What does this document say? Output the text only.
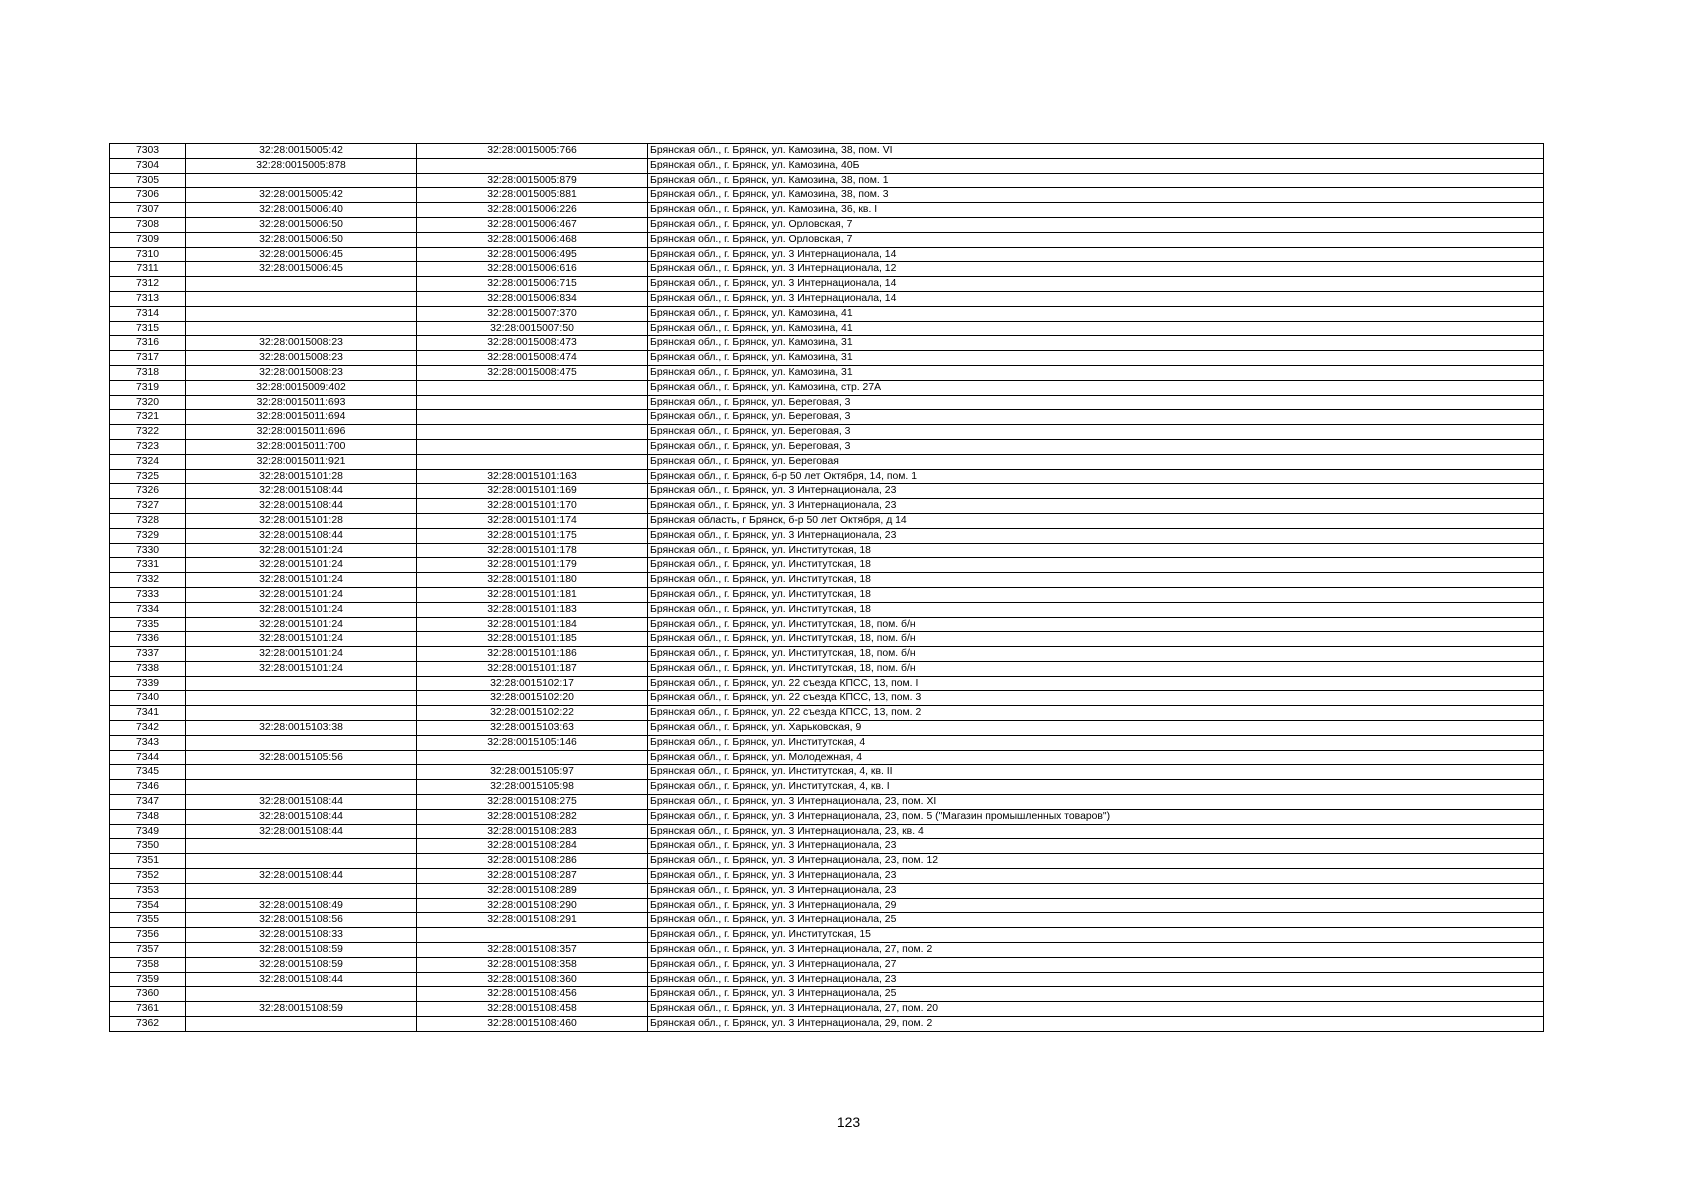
7303	32:28:0015005:42	32:28:0015005:766	Брянская обл., г. Брянск, ул. Камозина, 38, пом. VI
7304	32:28:0015005:878		Брянская обл., г. Брянск, ул. Камозина, 40Б
7305		32:28:0015005:879	Брянская обл., г. Брянск, ул. Камозина, 38, пом. 1
7306	32:28:0015005:42	32:28:0015005:881	Брянская обл., г. Брянск, ул. Камозина, 38, пом. 3
7307	32:28:0015006:40	32:28:0015006:226	Брянская обл., г. Брянск, ул. Камозина, 36, кв. I
7308	32:28:0015006:50	32:28:0015006:467	Брянская обл., г. Брянск, ул. Орловская, 7
7309	32:28:0015006:50	32:28:0015006:468	Брянская обл., г. Брянск, ул. Орловская, 7
7310	32:28:0015006:45	32:28:0015006:495	Брянская обл., г. Брянск, ул. 3 Интернационала, 14
7311	32:28:0015006:45	32:28:0015006:616	Брянская обл., г. Брянск, ул. 3 Интернационала, 12
7312		32:28:0015006:715	Брянская обл., г. Брянск, ул. 3 Интернационала, 14
7313		32:28:0015006:834	Брянская обл., г. Брянск, ул. 3 Интернационала, 14
7314		32:28:0015007:370	Брянская обл., г. Брянск, ул. Камозина, 41
7315		32:28:0015007:50	Брянская обл., г. Брянск, ул. Камозина, 41
7316	32:28:0015008:23	32:28:0015008:473	Брянская обл., г. Брянск, ул. Камозина, 31
7317	32:28:0015008:23	32:28:0015008:474	Брянская обл., г. Брянск, ул. Камозина, 31
7318	32:28:0015008:23	32:28:0015008:475	Брянская обл., г. Брянск, ул. Камозина, 31
7319	32:28:0015009:402		Брянская обл., г. Брянск, ул. Камозина, стр. 27А
7320	32:28:0015011:693		Брянская обл., г. Брянск, ул. Береговая, 3
7321	32:28:0015011:694		Брянская обл., г. Брянск, ул. Береговая, 3
7322	32:28:0015011:696		Брянская обл., г. Брянск, ул. Береговая, 3
7323	32:28:0015011:700		Брянская обл., г. Брянск, ул. Береговая, 3
7324	32:28:0015011:921		Брянская обл., г. Брянск, ул. Береговая
7325	32:28:0015101:28	32:28:0015101:163	Брянская обл., г. Брянск, б-р 50 лет Октября, 14, пом. 1
7326	32:28:0015108:44	32:28:0015101:169	Брянская обл., г. Брянск, ул. 3 Интернационала, 23
7327	32:28:0015108:44	32:28:0015101:170	Брянская обл., г. Брянск, ул. 3 Интернационала, 23
7328	32:28:0015101:28	32:28:0015101:174	Брянская область, г Брянск, б-р 50 лет Октября, д 14
7329	32:28:0015108:44	32:28:0015101:175	Брянская обл., г. Брянск, ул. 3 Интернационала, 23
7330	32:28:0015101:24	32:28:0015101:178	Брянская обл., г. Брянск, ул. Институтская, 18
7331	32:28:0015101:24	32:28:0015101:179	Брянская обл., г. Брянск, ул. Институтская, 18
7332	32:28:0015101:24	32:28:0015101:180	Брянская обл., г. Брянск, ул. Институтская, 18
7333	32:28:0015101:24	32:28:0015101:181	Брянская обл., г. Брянск, ул. Институтская, 18
7334	32:28:0015101:24	32:28:0015101:183	Брянская обл., г. Брянск, ул. Институтская, 18
7335	32:28:0015101:24	32:28:0015101:184	Брянская обл., г. Брянск, ул. Институтская, 18, пом. б/н
7336	32:28:0015101:24	32:28:0015101:185	Брянская обл., г. Брянск, ул. Институтская, 18, пом. б/н
7337	32:28:0015101:24	32:28:0015101:186	Брянская обл., г. Брянск, ул. Институтская, 18, пом. б/н
7338	32:28:0015101:24	32:28:0015101:187	Брянская обл., г. Брянск, ул. Институтская, 18, пом. б/н
7339		32:28:0015102:17	Брянская обл., г. Брянск, ул. 22 съезда КПСС, 13, пом. I
7340		32:28:0015102:20	Брянская обл., г. Брянск, ул. 22 съезда КПСС, 13, пом. 3
7341		32:28:0015102:22	Брянская обл., г. Брянск, ул. 22 съезда КПСС, 13, пом. 2
7342	32:28:0015103:38	32:28:0015103:63	Брянская обл., г. Брянск, ул. Харьковская, 9
7343		32:28:0015105:146	Брянская обл., г. Брянск, ул. Институтская, 4
7344	32:28:0015105:56		Брянская обл., г. Брянск, ул. Молодежная, 4
7345		32:28:0015105:97	Брянская обл., г. Брянск, ул. Институтская, 4, кв. II
7346		32:28:0015105:98	Брянская обл., г. Брянск, ул. Институтская, 4, кв. I
7347	32:28:0015108:44	32:28:0015108:275	Брянская обл., г. Брянск, ул. 3 Интернационала, 23, пом. XI
7348	32:28:0015108:44	32:28:0015108:282	Брянская обл., г. Брянск, ул. 3 Интернационала, 23, пом. 5 ("Магазин промышленных товаров")
7349	32:28:0015108:44	32:28:0015108:283	Брянская обл., г. Брянск, ул. 3 Интернационала, 23, кв. 4
7350		32:28:0015108:284	Брянская обл., г. Брянск, ул. 3 Интернационала, 23
7351		32:28:0015108:286	Брянская обл., г. Брянск, ул. 3 Интернационала, 23, пом. 12
7352	32:28:0015108:44	32:28:0015108:287	Брянская обл., г. Брянск, ул. 3 Интернационала, 23
7353		32:28:0015108:289	Брянская обл., г. Брянск, ул. 3 Интернационала, 23
7354	32:28:0015108:49	32:28:0015108:290	Брянская обл., г. Брянск, ул. 3 Интернационала, 29
7355	32:28:0015108:56	32:28:0015108:291	Брянская обл., г. Брянск, ул. 3 Интернационала, 25
7356	32:28:0015108:33		Брянская обл., г. Брянск, ул. Институтская, 15
7357	32:28:0015108:59	32:28:0015108:357	Брянская обл., г. Брянск, ул. 3 Интернационала, 27, пом. 2
7358	32:28:0015108:59	32:28:0015108:358	Брянская обл., г. Брянск, ул. 3 Интернационала, 27
7359	32:28:0015108:44	32:28:0015108:360	Брянская обл., г. Брянск, ул. 3 Интернационала, 23
7360		32:28:0015108:456	Брянская обл., г. Брянск, ул. 3 Интернационала, 25
7361	32:28:0015108:59	32:28:0015108:458	Брянская обл., г. Брянск, ул. 3 Интернационала, 27, пом. 20
7362		32:28:0015108:460	Брянская обл., г. Брянск, ул. 3 Интернационала, 29, пом. 2
123
